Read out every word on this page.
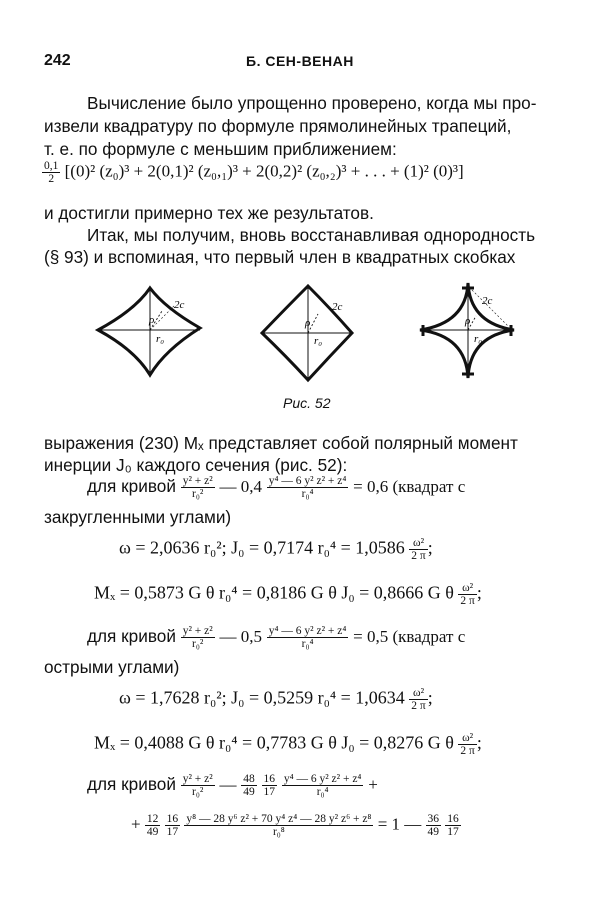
242	Б. СЕН-ВЕНАН
Вычисление было упрощенно проверено, когда мы про-
извели квадратуру по формуле прямолинейных трапеций,
т. е. по формуле с меньшим приближением:
$\frac{0,1}{2} [(0)^2$ (z₀)³ + 2(0,1)² (z₀,₁)³ + 2(0,2)² (z₀,₂)³ + . . . + (1)² (0)³]
и достигли примерно тех же результатов.
Итак, мы получим, вновь восстанавливая однородность
(§ 93) и вспоминая, что первый член в квадратных скобках
2c
ρ
r₀
2c
ρ
r₀
2c
ρ
r₀
Рис. 52
выражения (230) Mₓ представляет собой полярный момент
инерции J₀ каждого сечения (рис. 52):
для кривой $\frac{\text{y² + z²}}{\text{r₀²}}$ — $0,4 \frac{\text{y⁴ — 6 y² z² + z⁴}}{\text{r₀⁴}} = 0,6$ (квадрат с
закругленными углами)
ω = 2,0636 r₀²; J₀ = 0,7174 $r_0^4 = 1,0586 \frac{\text{ω²}}{2 \pi}$ ;
Mₓ = 0,5873 G θ r₀⁴ = 0,8186 G θ J₀ = 0,8666 G θ $\frac{\text{ω²}}{2 \pi}$ ;
для кривой $\frac{\text{y² + z²}}{\text{r₀²}}$ — $0,5 \frac{\text{y⁴ — 6 y² z² + z⁴}}{\text{r₀⁴}} = 0,5$ (квадрат с
острыми углами)
ω = 1,7628 r₀²; J₀ = 0,5259 $r_0^4 = 1,0634 \frac{\text{ω²}}{2 \pi}$ ;
Mₓ = 0,4088 G θ r₀⁴ = 0,7783 G θ J₀ = 0,8276 G θ $\frac{\text{ω²}}{2 \pi}$ ;
для кривой $\frac{\text{y² + z²}}{\text{r₀²}}$ — $\frac{48}{49}$
$\frac{16}{17}$
$\frac{\text{y⁴ — 6 y² z² + z⁴}}{\text{r₀⁴}}$ +
+ $\frac{12}{49}$
$\frac{16}{17}$
$\frac{\text{y⁸ — 28 y⁶ z² + 70 y⁴ z⁴ — 28 y² z⁶ + z⁸}}{\text{r₀⁸}} = 1$ — $\frac{36}{49}$
$\frac{16}{17}$
